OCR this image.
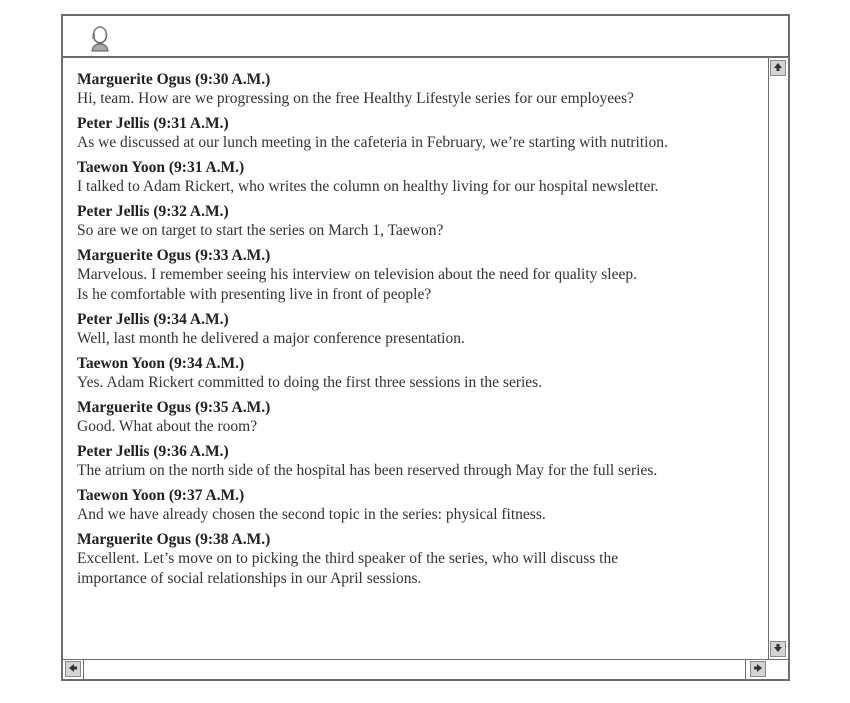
Marguerite Ogus (9:30 A.M.)
Hi, team. How are we progressing on the free Healthy Lifestyle series for our employees?
Peter Jellis (9:31 A.M.)
As we discussed at our lunch meeting in the cafeteria in February, we’re starting with nutrition.
Taewon Yoon (9:31 A.M.)
I talked to Adam Rickert, who writes the column on healthy living for our hospital newsletter.
Peter Jellis (9:32 A.M.)
So are we on target to start the series on March 1, Taewon?
Marguerite Ogus (9:33 A.M.)
Marvelous. I remember seeing his interview on television about the need for quality sleep.
Is he comfortable with presenting live in front of people?
Peter Jellis (9:34 A.M.)
Well, last month he delivered a major conference presentation.
Taewon Yoon (9:34 A.M.)
Yes. Adam Rickert committed to doing the first three sessions in the series.
Marguerite Ogus (9:35 A.M.)
Good. What about the room?
Peter Jellis (9:36 A.M.)
The atrium on the north side of the hospital has been reserved through May for the full series.
Taewon Yoon (9:37 A.M.)
And we have already chosen the second topic in the series: physical fitness.
Marguerite Ogus (9:38 A.M.)
Excellent. Let’s move on to picking the third speaker of the series, who will discuss the
importance of social relationships in our April sessions.
